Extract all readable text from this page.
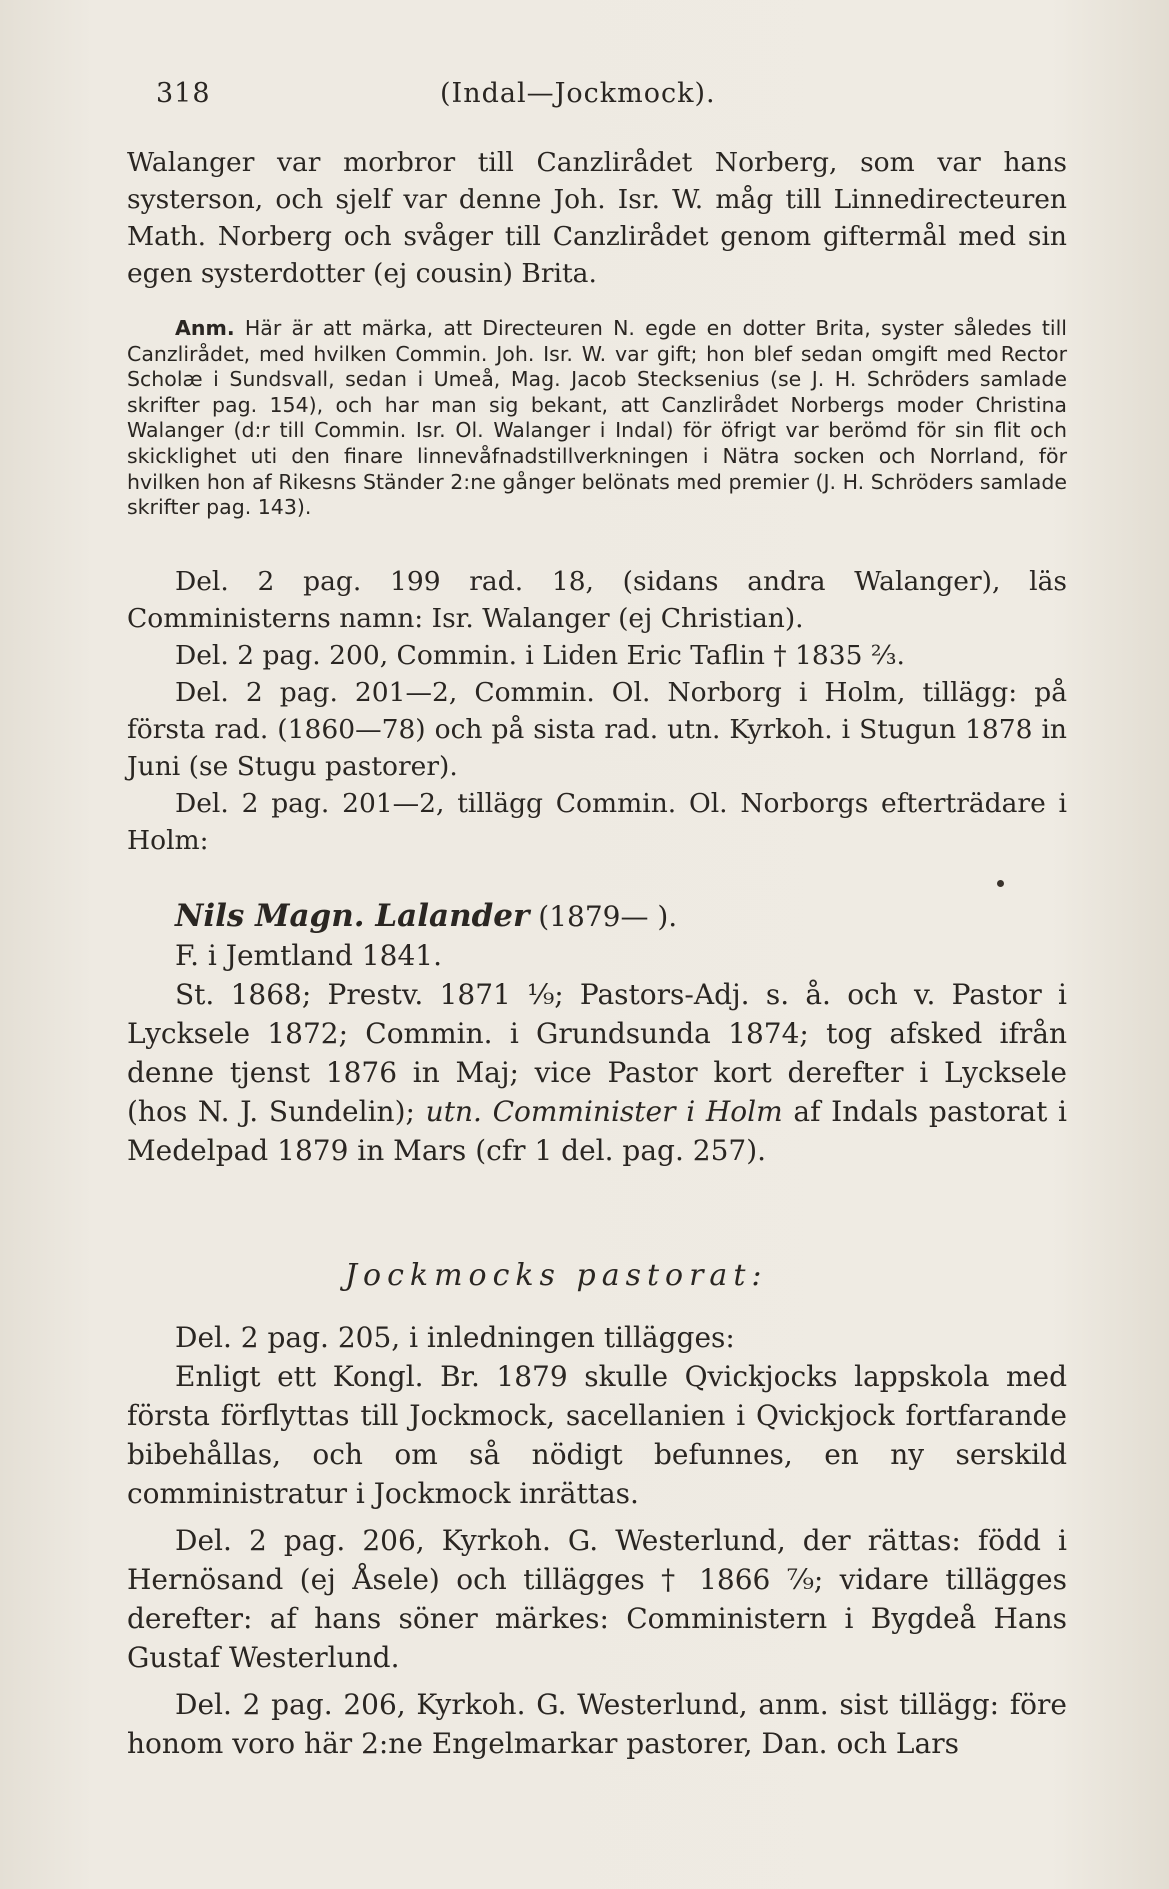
318	(Indal—Jockmock).

Walanger var morbror till Canzlirådet Norberg, som var hans systerson, och sjelf var denne Joh. Isr. W. måg till Linnedirecteuren Math. Norberg och svåger till Canzlirådet genom giftermål med sin egen systerdotter (ej cousin) Brita.

Anm. Här är att märka, att Directeuren N. egde en dotter Brita, syster således till Canzlirådet, med hvilken Commin. Joh. Isr. W. var gift; hon blef sedan omgift med Rector Scholæ i Sundsvall, sedan i Umeå, Mag. Jacob Stecksenius (se J. H. Schröders samlade skrifter pag. 154), och har man sig bekant, att Canzlirådet Norbergs moder Christina Walanger (d:r till Commin. Isr. Ol. Walanger i Indal) för öfrigt var berömd för sin flit och skicklighet uti den finare linnevåfnadstillverkningen i Nätra socken och Norrland, för hvilken hon af Rikesns Ständer 2:ne gånger belönats med premier (J. H. Schröders samlade skrifter pag. 143).

Del. 2 pag. 199 rad. 18, (sidans andra Walanger), läs Comministerns namn: Isr. Walanger (ej Christian).

Del. 2 pag. 200, Commin. i Liden Eric Taflin † 1835 ²⁄₃.

Del. 2 pag. 201—2, Commin. Ol. Norborg i Holm, tillägg: på första rad. (1860—78) och på sista rad. utn. Kyrkoh. i Stugun 1878 in Juni (se Stugu pastorer).

Del. 2 pag. 201—2, tillägg Commin. Ol. Norborgs efterträdare i Holm:

Nils Magn. Lalander (1879— ).

F. i Jemtland 1841.

St. 1868; Prestv. 1871 ¹⁄₉; Pastors-Adj. s. å. och v. Pastor i Lycksele 1872; Commin. i Grundsunda 1874; tog afsked ifrån denne tjenst 1876 in Maj; vice Pastor kort derefter i Lycksele (hos N. J. Sundelin); utn. Comminister i Holm af Indals pastorat i Medelpad 1879 in Mars (cfr 1 del. pag. 257).

Jockmocks pastorat:

Del. 2 pag. 205, i inledningen tillägges:

Enligt ett Kongl. Br. 1879 skulle Qvickjocks lappskola med första förflyttas till Jockmock, sacellanien i Qvickjock fortfarande bibehållas, och om så nödigt befunnes, en ny serskild comministratur i Jockmock inrättas.

Del. 2 pag. 206, Kyrkoh. G. Westerlund, der rättas: född i Hernösand (ej Åsele) och tillägges † 1866 ⁷⁄₉; vidare tillägges derefter: af hans söner märkes: Comministern i Bygdeå Hans Gustaf Westerlund.

Del. 2 pag. 206, Kyrkoh. G. Westerlund, anm. sist tillägg: före honom voro här 2:ne Engelmarkar pastorer, Dan. och Lars
